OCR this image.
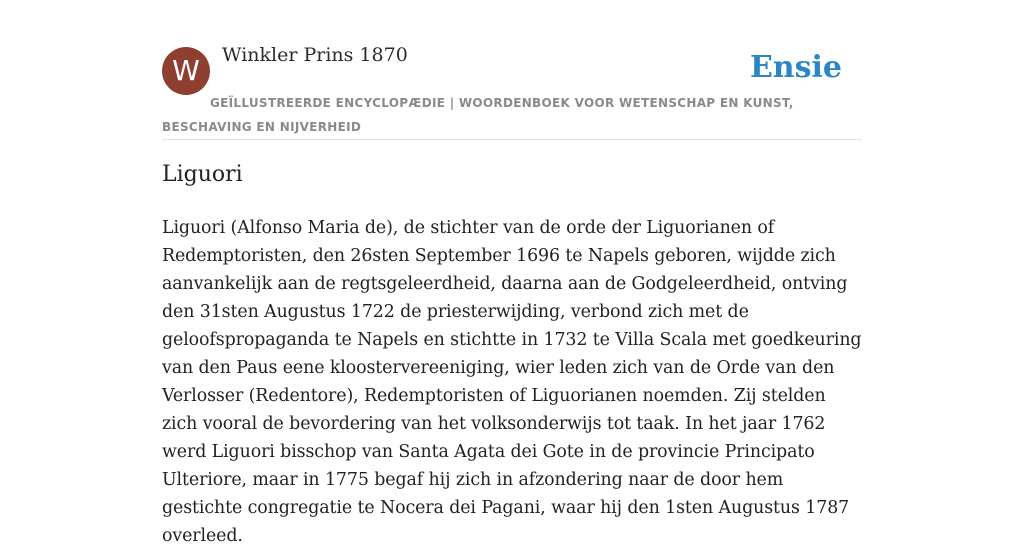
W	Winkler Prins 1870	Ensie
GEÏLLUSTREERDE ENCYCLOPÆDIE | WOORDENBOEK VOOR WETENSCHAP EN KUNST, BESCHAVING EN NIJVERHEID
Liguori

Liguori (Alfonso Maria de), de stichter van de orde der Liguorianen of Redemptoristen, den 26sten September 1696 te Napels geboren, wijdde zich aanvankelijk aan de regtsgeleerdheid, daarna aan de Godgeleerdheid, ontving den 31sten Augustus 1722 de priesterwijding, verbond zich met de geloofspropaganda te Napels en stichtte in 1732 te Villa Scala met goedkeuring van den Paus eene kloostervereeniging, wier leden zich van de Orde van den Verlosser (Redentore), Redemptoristen of Liguorianen noemden. Zij stelden zich vooral de bevordering van het volksonderwijs tot taak. In het jaar 1762 werd Liguori bisschop van Santa Agata dei Gote in de provincie Principato Ulteriore, maar in 1775 begaf hij zich in afzondering naar de door hem gestichte congregatie te Nocera dei Pagani, waar hij den 1sten Augustus 1787 overleed.
